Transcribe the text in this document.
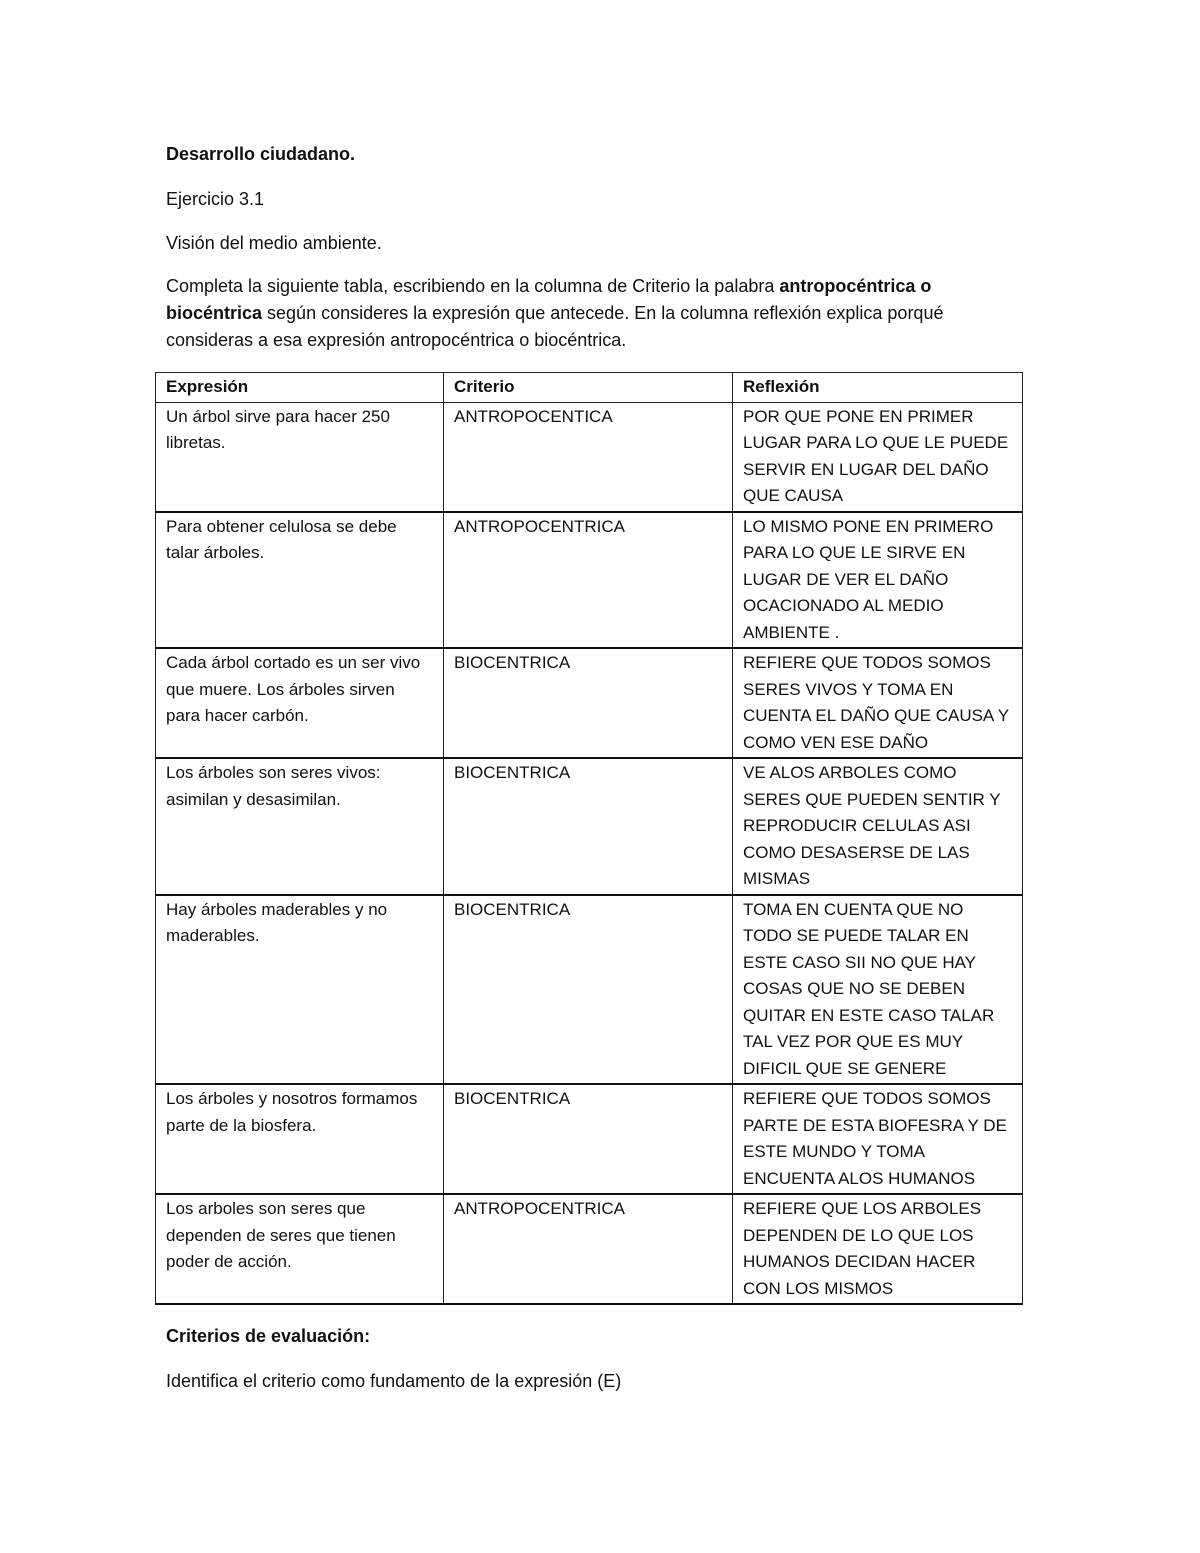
Desarrollo ciudadano.

Ejercicio 3.1

Visión del medio ambiente.

Completa la siguiente tabla, escribiendo en la columna de Criterio la palabra antropocéntrica o biocéntrica según consideres la expresión que antecede. En la columna reflexión explica porqué consideras a esa expresión antropocéntrica o biocéntrica.

Expresión	Criterio	Reflexión
Un árbol sirve para hacer 250 libretas.	ANTROPOCENTICA	POR QUE PONE EN PRIMER LUGAR PARA LO QUE LE PUEDE SERVIR EN LUGAR DEL DAÑO QUE CAUSA
Para obtener celulosa se debe talar árboles.	ANTROPOCENTRICA	LO MISMO PONE EN PRIMERO PARA LO QUE LE SIRVE EN LUGAR DE VER EL DAÑO OCACIONADO AL MEDIO AMBIENTE .
Cada árbol cortado es un ser vivo que muere. Los árboles sirven para hacer carbón.	BIOCENTRICA	REFIERE QUE TODOS SOMOS SERES VIVOS Y TOMA EN CUENTA EL DAÑO QUE CAUSA Y COMO VEN ESE DAÑO
Los árboles son seres vivos: asimilan y desasimilan.	BIOCENTRICA	VE ALOS ARBOLES COMO SERES QUE PUEDEN SENTIR Y REPRODUCIR CELULAS ASI COMO DESASERSE DE LAS MISMAS
Hay árboles maderables y no maderables.	BIOCENTRICA	TOMA EN CUENTA QUE NO TODO SE PUEDE TALAR EN ESTE CASO SII NO QUE HAY COSAS QUE NO SE DEBEN QUITAR EN ESTE CASO TALAR TAL VEZ POR QUE ES MUY DIFICIL QUE SE GENERE
Los árboles y nosotros formamos parte de la biosfera.	BIOCENTRICA	REFIERE QUE TODOS SOMOS PARTE DE ESTA BIOFESRA Y DE ESTE MUNDO Y TOMA ENCUENTA ALOS HUMANOS
Los arboles son seres que dependen de seres que tienen poder de acción.	ANTROPOCENTRICA	REFIERE QUE LOS ARBOLES DEPENDEN DE LO QUE LOS HUMANOS DECIDAN HACER CON LOS MISMOS

Criterios de evaluación:

Identifica el criterio como fundamento de la expresión (E)
